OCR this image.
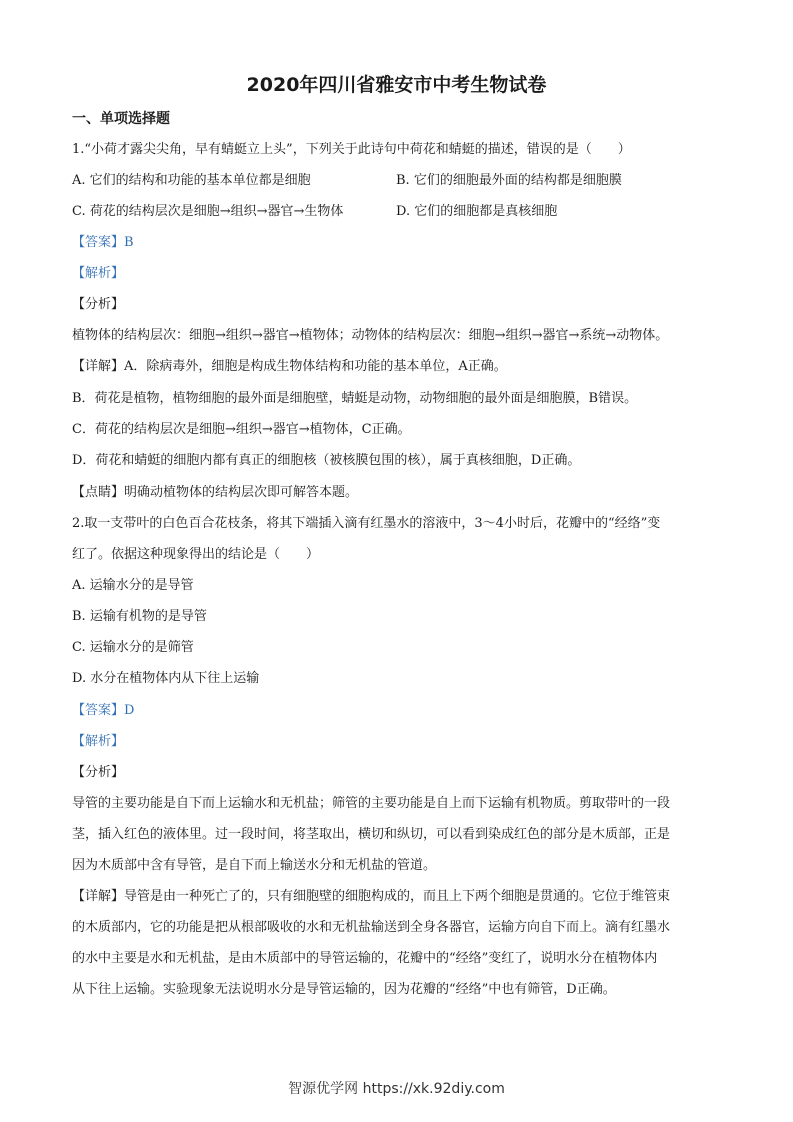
2020年四川省雅安市中考生物试卷
一、单项选择题
1.“小荷才露尖尖角，早有蜻蜓立上头”，下列关于此诗句中荷花和蜻蜓的描述，错误的是（　　）
A. 它们的结构和功能的基本单位都是细胞	B. 它们的细胞最外面的结构都是细胞膜
C. 荷花的结构层次是细胞→组织→器官→生物体	D. 它们的细胞都是真核细胞
【答案】B
【解析】
【分析】
植物体的结构层次：细胞→组织→器官→植物体；动物体的结构层次：细胞→组织→器官→系统→动物体。
【详解】A．除病毒外，细胞是构成生物体结构和功能的基本单位，A正确。
B．荷花是植物，植物细胞的最外面是细胞壁，蜻蜓是动物，动物细胞的最外面是细胞膜，B错误。
C．荷花的结构层次是细胞→组织→器官→植物体，C正确。
D．荷花和蜻蜓的细胞内都有真正的细胞核（被核膜包围的核），属于真核细胞，D正确。
【点睛】明确动植物体的结构层次即可解答本题。
2.取一支带叶的白色百合花枝条，将其下端插入滴有红墨水的溶液中，3～4小时后，花瓣中的“经络”变
红了。依据这种现象得出的结论是（　　）
A. 运输水分的是导管
B. 运输有机物的是导管
C. 运输水分的是筛管
D. 水分在植物体内从下往上运输
【答案】D
【解析】
【分析】
导管的主要功能是自下而上运输水和无机盐；筛管的主要功能是自上而下运输有机物质。剪取带叶的一段
茎，插入红色的液体里。过一段时间，将茎取出，横切和纵切，可以看到染成红色的部分是木质部，正是
因为木质部中含有导管，是自下而上输送水分和无机盐的管道。
【详解】导管是由一种死亡了的，只有细胞壁的细胞构成的，而且上下两个细胞是贯通的。它位于维管束
的木质部内，它的功能是把从根部吸收的水和无机盐输送到全身各器官，运输方向自下而上。滴有红墨水
的水中主要是水和无机盐，是由木质部中的导管运输的，花瓣中的“经络”变红了，说明水分在植物体内
从下往上运输。实验现象无法说明水分是导管运输的，因为花瓣的“经络”中也有筛管，D正确。
智源优学网 https://xk.92diy.com
